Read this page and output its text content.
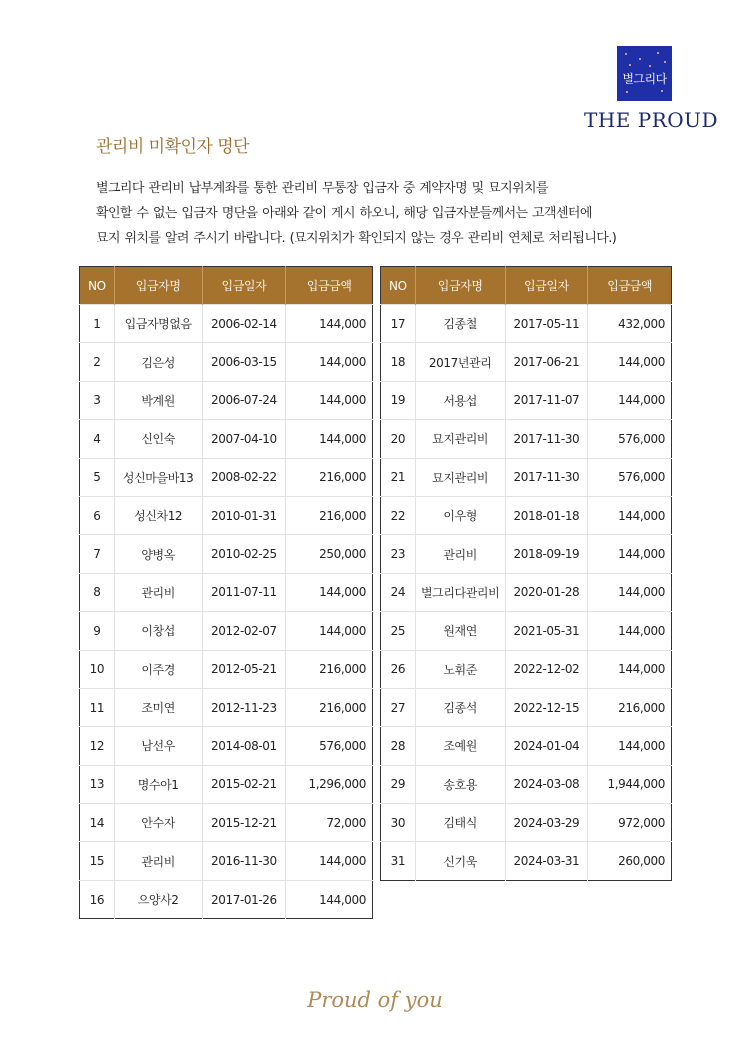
별그리다
THE PROUD
관리비 미확인자 명단

별그리다 관리비 납부계좌를 통한 관리비 무통장 입금자 중 계약자명 및 묘지위치를

확인할 수 없는 입금자 명단을 아래와 같이 게시 하오니, 해당 입금자분들께서는 고객센터에

묘지 위치를 알려 주시기 바랍니다. (묘지위치가 확인되지 않는 경우 관리비 연체로 처리됩니다.)

NO	입금자명	입금일자	입금금액
1	입금자명없음	2006-02-14	144,000
2	김은성	2006-03-15	144,000
3	박계원	2006-07-24	144,000
4	신인숙	2007-04-10	144,000
5	성신마을바13	2008-02-22	216,000
6	성신차12	2010-01-31	216,000
7	양병옥	2010-02-25	250,000
8	관리비	2011-07-11	144,000
9	이창섭	2012-02-07	144,000
10	이주경	2012-05-21	216,000
11	조미연	2012-11-23	216,000
12	남선우	2014-08-01	576,000
13	명수아1	2015-02-21	1,296,000
14	안수자	2015-12-21	72,000
15	관리비	2016-11-30	144,000
16	으양사2	2017-01-26	144,000
NO	입금자명	입금일자	입금금액
17	김종철	2017-05-11	432,000
18	2017년관리	2017-06-21	144,000
19	서용섭	2017-11-07	144,000
20	묘지관리비	2017-11-30	576,000
21	묘지관리비	2017-11-30	576,000
22	이우형	2018-01-18	144,000
23	관리비	2018-09-19	144,000
24	별그리다관리비	2020-01-28	144,000
25	원재연	2021-05-31	144,000
26	노휘준	2022-12-02	144,000
27	김종석	2022-12-15	216,000
28	조예원	2024-01-04	144,000
29	송호용	2024-03-08	1,944,000
30	김태식	2024-03-29	972,000
31	신기욱	2024-03-31	260,000
Proud of you
